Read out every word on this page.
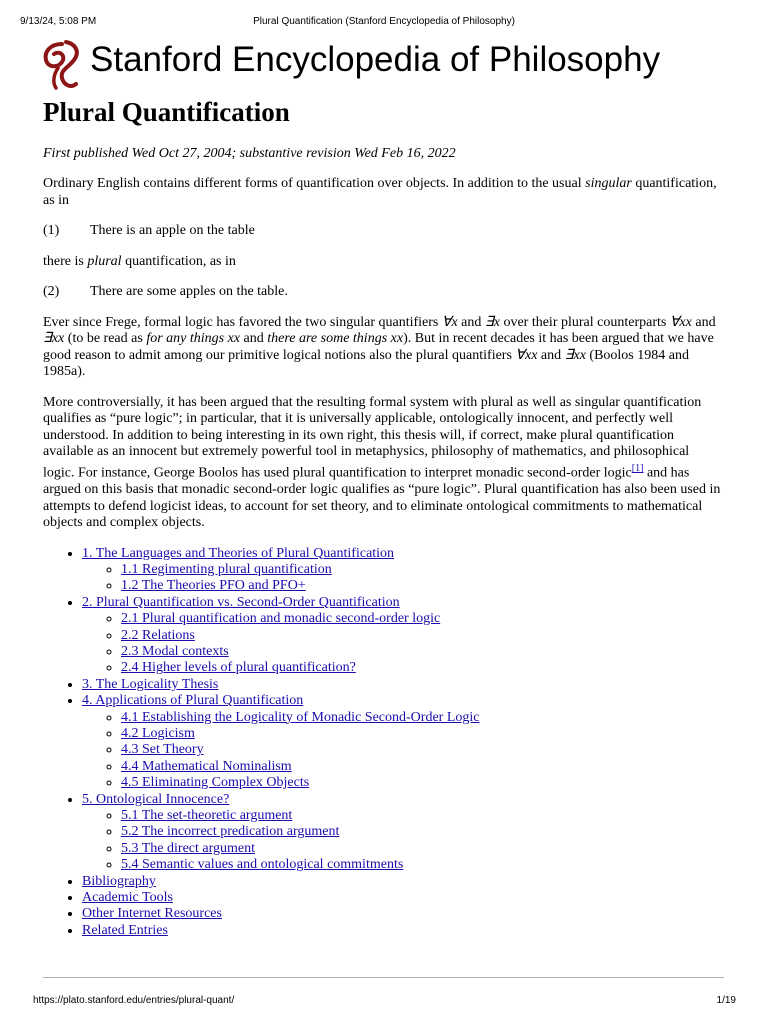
9/13/24, 5:08 PM	Plural Quantification (Stanford Encyclopedia of Philosophy)
Stanford Encyclopedia of Philosophy
Plural Quantification
First published Wed Oct 27, 2004; substantive revision Wed Feb 16, 2022

Ordinary English contains different forms of quantification over objects. In addition to the usual singular quantification, as in

(1)	There is an apple on the table

there is plural quantification, as in

(2)	There are some apples on the table.

Ever since Frege, formal logic has favored the two singular quantifiers ∀x and ∃x over their plural counterparts ∀xx and ∃xx (to be read as for any things xx and there are some things xx). But in recent decades it has been argued that we have good reason to admit among our primitive logical notions also the plural quantifiers ∀xx and ∃xx (Boolos 1984 and 1985a).

More controversially, it has been argued that the resulting formal system with plural as well as singular quantification qualifies as “pure logic”; in particular, that it is universally applicable, ontologically innocent, and perfectly well understood. In addition to being interesting in its own right, this thesis will, if correct, make plural quantification available as an innocent but extremely powerful tool in metaphysics, philosophy of mathematics, and philosophical logic. For instance, George Boolos has used plural quantification to interpret monadic second-order logic[1] and has argued on this basis that monadic second-order logic qualifies as “pure logic”. Plural quantification has also been used in attempts to defend logicist ideas, to account for set theory, and to eliminate ontological commitments to mathematical objects and complex objects.

• 1. The Languages and Theories of Plural Quantification
◦ 1.1 Regimenting plural quantification
◦ 1.2 The Theories PFO and PFO+
• 2. Plural Quantification vs. Second-Order Quantification
◦ 2.1 Plural quantification and monadic second-order logic
◦ 2.2 Relations
◦ 2.3 Modal contexts
◦ 2.4 Higher levels of plural quantification?
• 3. The Logicality Thesis
• 4. Applications of Plural Quantification
◦ 4.1 Establishing the Logicality of Monadic Second-Order Logic
◦ 4.2 Logicism
◦ 4.3 Set Theory
◦ 4.4 Mathematical Nominalism
◦ 4.5 Eliminating Complex Objects
• 5. Ontological Innocence?
◦ 5.1 The set-theoretic argument
◦ 5.2 The incorrect predication argument
◦ 5.3 The direct argument
◦ 5.4 Semantic values and ontological commitments
• Bibliography
• Academic Tools
• Other Internet Resources
• Related Entries
https://plato.stanford.edu/entries/plural-quant/	1/19
